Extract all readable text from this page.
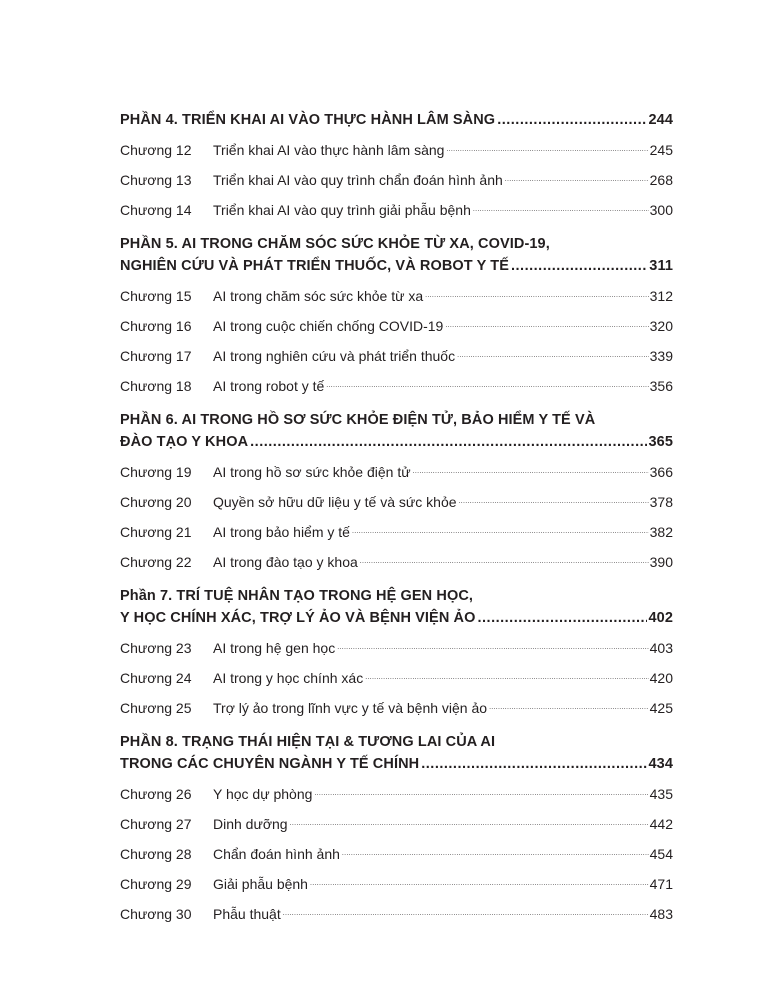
PHẦN 4. TRIỂN KHAI AI VÀO THỰC HÀNH LÂM SÀNG .....	244
Chương 12	Triển khai AI vào thực hành lâm sàng .....	245
Chương 13	Triển khai AI vào quy trình chẩn đoán hình ảnh .....	268
Chương 14	Triển khai AI vào quy trình giải phẫu bệnh .....	300
PHẦN 5. AI TRONG CHĂM SÓC SỨC KHỎE TỪ XA, COVID-19,
NGHIÊN CỨU VÀ PHÁT TRIỂN THUỐC, VÀ ROBOT Y TẾ .....	311
Chương 15	AI trong chăm sóc sức khỏe từ xa .....	312
Chương 16	AI trong cuộc chiến chống COVID-19 .....	320
Chương 17	AI trong nghiên cứu và phát triển thuốc .....	339
Chương 18	AI trong robot y tế .....	356
PHẦN 6. AI TRONG HỒ SƠ SỨC KHỎE ĐIỆN TỬ, BẢO HIỂM Y TẾ VÀ
ĐÀO TẠO Y KHOA .....	365
Chương 19	AI trong hồ sơ sức khỏe điện tử .....	366
Chương 20	Quyền sở hữu dữ liệu y tế và sức khỏe .....	378
Chương 21	AI trong bảo hiểm y tế .....	382
Chương 22	AI trong đào tạo y khoa .....	390
Phần 7. TRÍ TUỆ NHÂN TẠO TRONG HỆ GEN HỌC,
Y HỌC CHÍNH XÁC, TRỢ LÝ ẢO VÀ BỆNH VIỆN ẢO .....	402
Chương 23	AI trong hệ gen học .....	403
Chương 24	AI trong y học chính xác .....	420
Chương 25	Trợ lý ảo trong lĩnh vực y tế và bệnh viện ảo .....	425
PHẦN 8. TRẠNG THÁI HIỆN TẠI & TƯƠNG LAI CỦA AI
TRONG CÁC CHUYÊN NGÀNH Y TẾ CHÍNH .....	434
Chương 26	Y học dự phòng .....	435
Chương 27	Dinh dưỡng .....	442
Chương 28	Chẩn đoán hình ảnh .....	454
Chương 29	Giải phẫu bệnh .....	471
Chương 30	Phẫu thuật .....	483
